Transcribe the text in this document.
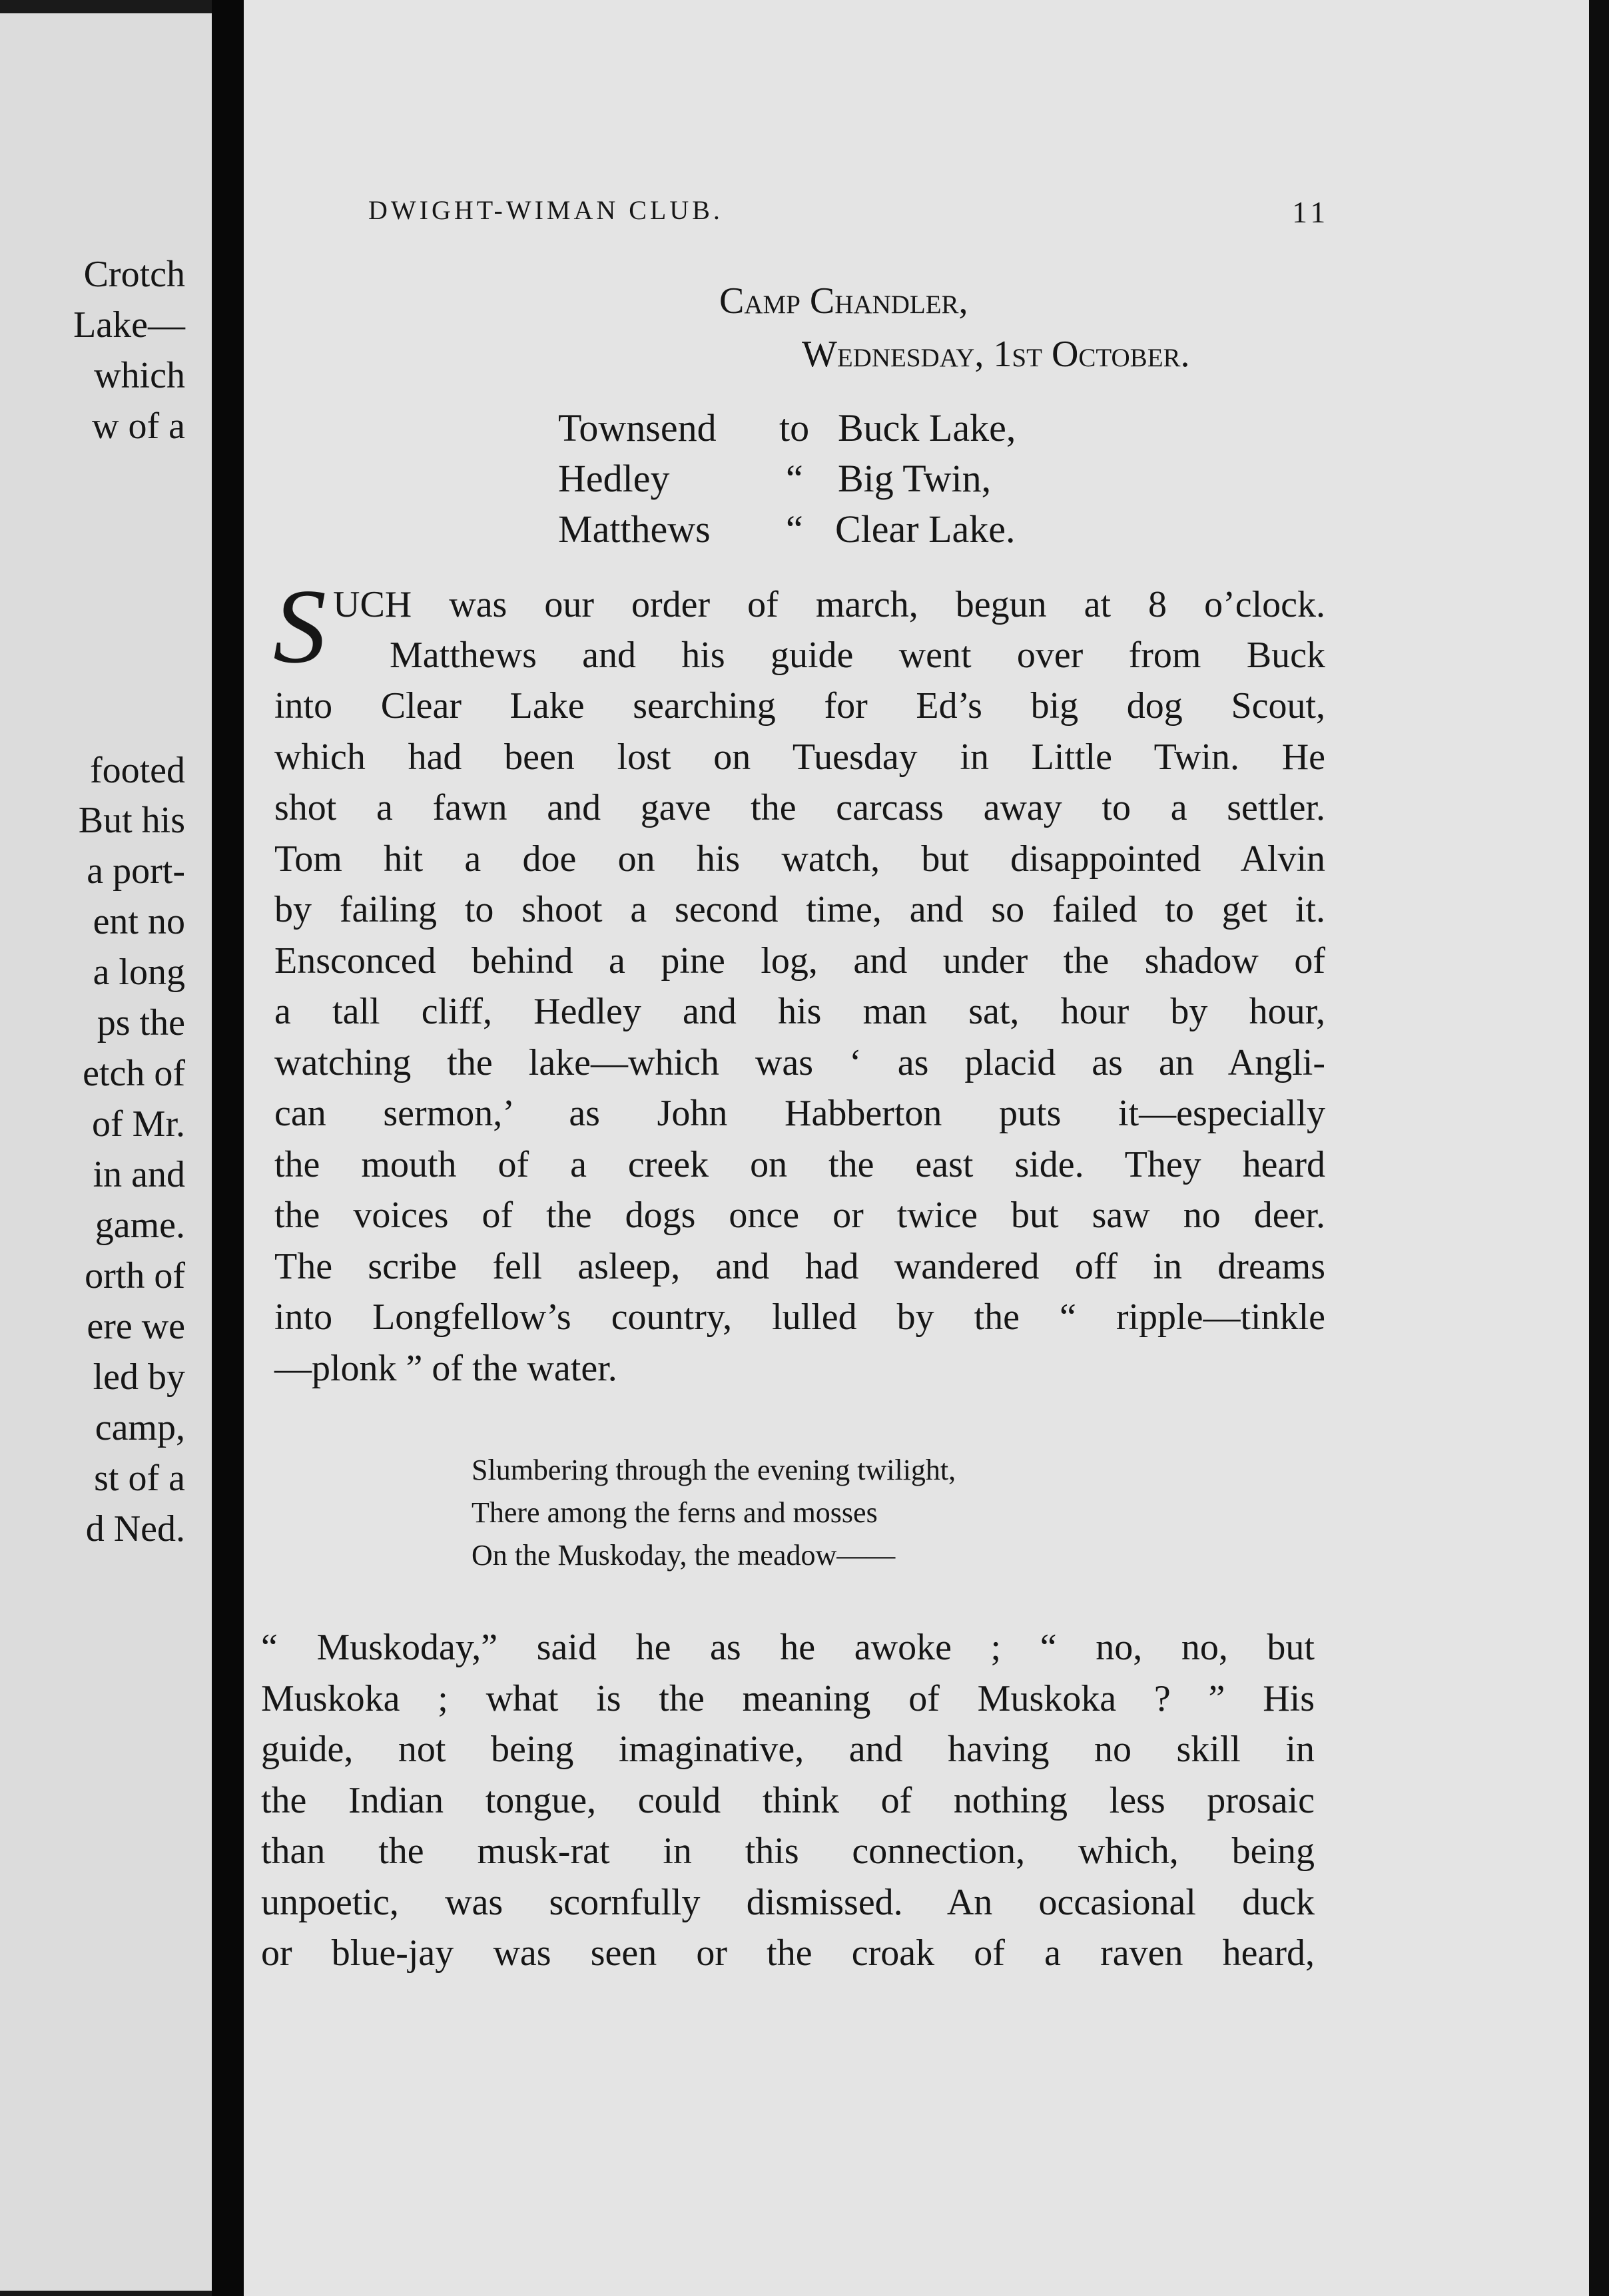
Crotch
Lake—
which
w of a
footed
But his
a port-
ent no
a long
ps the
etch of
of Mr.
in and
game.
orth of
ere we
led by
camp,
st of a
d Ned.
DWIGHT-WIMAN CLUB.	11
Camp Chandler,
Wednesday, 1st October.
Townsend	to Buck Lake,
Hedley	“ Big Twin,
Matthews	“ Clear Lake.
S UCH was our order of march, begun at 8 o’clock.
Matthews and his guide went over from Buck
into Clear Lake searching for Ed’s big dog Scout,
which had been lost on Tuesday in Little Twin. He
shot a fawn and gave the carcass away to a settler.
Tom hit a doe on his watch, but disappointed Alvin
by failing to shoot a second time, and so failed to get it.
Ensconced behind a pine log, and under the shadow of
a tall cliff, Hedley and his man sat, hour by hour,
watching the lake—which was ‘ as placid as an Angli-
can sermon,’ as John Habberton puts it—especially
the mouth of a creek on the east side. They heard
the voices of the dogs once or twice but saw no deer.
The scribe fell asleep, and had wandered off in dreams
into Longfellow’s country, lulled by the “ ripple—tinkle
—plonk ” of the water.
Slumbering through the evening twilight,
There among the ferns and mosses
On the Muskoday, the meadow——
“ Muskoday,” said he as he awoke ; “ no, no, but
Muskoka ; what is the meaning of Muskoka ? ” His
guide, not being imaginative, and having no skill in
the Indian tongue, could think of nothing less prosaic
than the musk-rat in this connection, which, being
unpoetic, was scornfully dismissed. An occasional duck
or blue-jay was seen or the croak of a raven heard,
